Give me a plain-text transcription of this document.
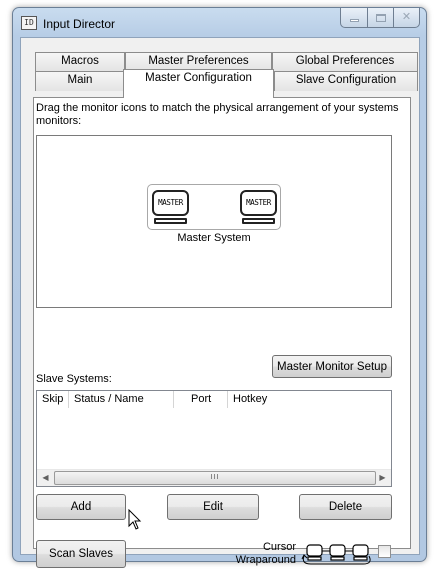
ID Input Director	✕
Macros	Master Preferences	Global Preferences
Main	Master Configuration	Slave Configuration
Drag the monitor icons to match the physical arrangement of your systems monitors:
MASTER	MASTER
Master System
Master Monitor Setup
Slave Systems:
Skip Status / Name	Port	Hotkey
◀	III	▶
Add	Edit	Delete
Scan Slaves
Cursor
Wraparound
